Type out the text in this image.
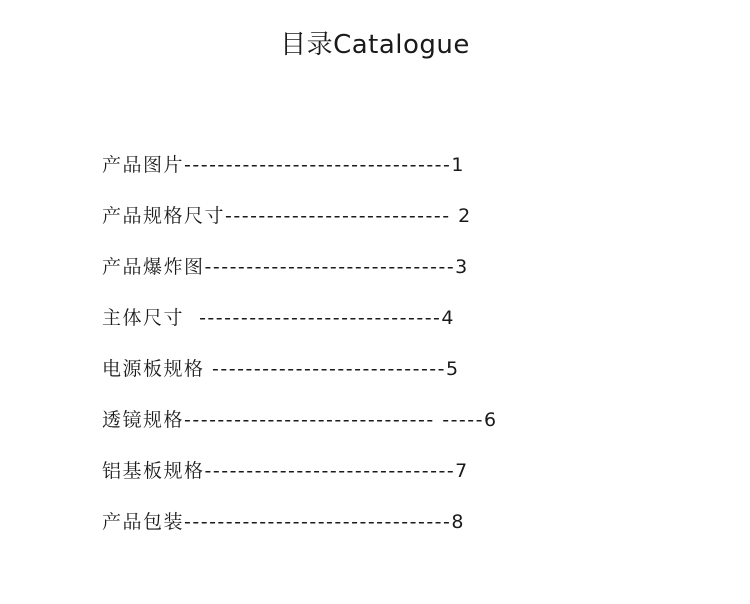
目录Catalogue
产品图片--------------------------------1
产品规格尺寸--------------------------- 2
产品爆炸图------------------------------3
主体尺寸  -----------------------------4
电源板规格 ----------------------------5
透镜规格------------------------------ -----6
铝基板规格------------------------------7
产品包装--------------------------------8
